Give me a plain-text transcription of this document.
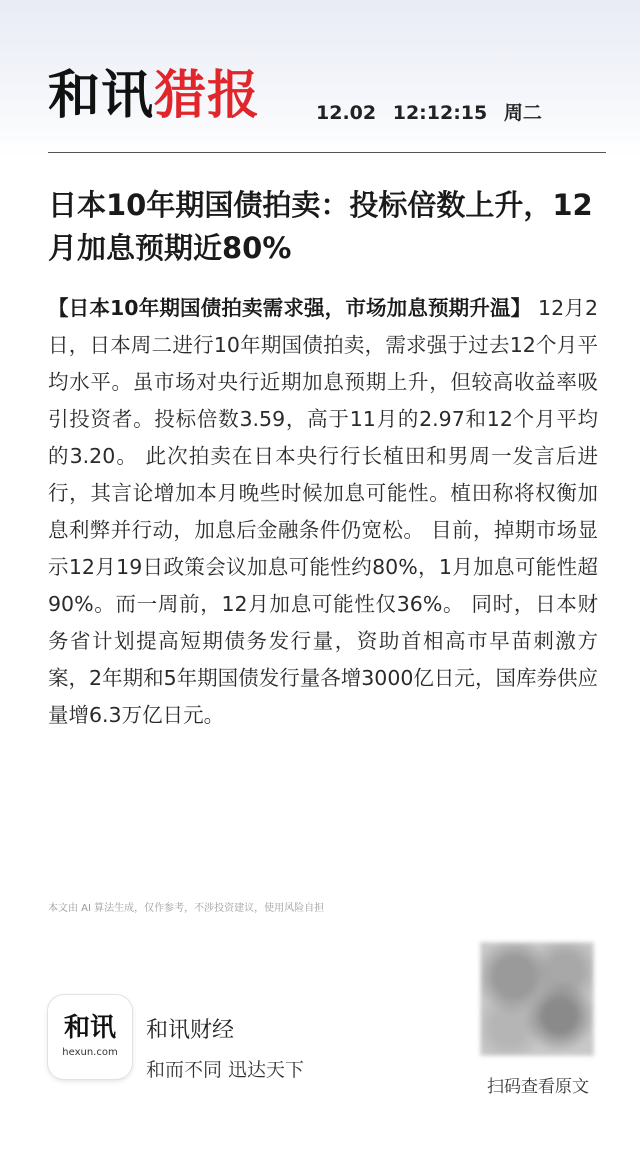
和讯猎报	12.02 12:12:15 周二
日本10年期国债拍卖：投标倍数上升，12月加息预期近80%
【日本10年期国债拍卖需求强，市场加息预期升温】 12月2日，日本周二进行10年期国债拍卖，需求强于过去12个月平均水平。虽市场对央行近期加息预期上升，但较高收益率吸引投资者。投标倍数3.59，高于11月的2.97和12个月平均的3.20。 此次拍卖在日本央行行长植田和男周一发言后进行，其言论增加本月晚些时候加息可能性。植田称将权衡加息利弊并行动，加息后金融条件仍宽松。 目前，掉期市场显示12月19日政策会议加息可能性约80%，1月加息可能性超90%。而一周前，12月加息可能性仅36%。 同时，日本财务省计划提高短期债务发行量，资助首相高市早苗刺激方案，2年期和5年期国债发行量各增3000亿日元，国库券供应量增6.3万亿日元。
本文由 AI 算法生成，仅作参考，不涉投资建议，使用风险自担
和讯
hexun.com
和讯财经
和而不同 迅达天下
扫码查看原文
